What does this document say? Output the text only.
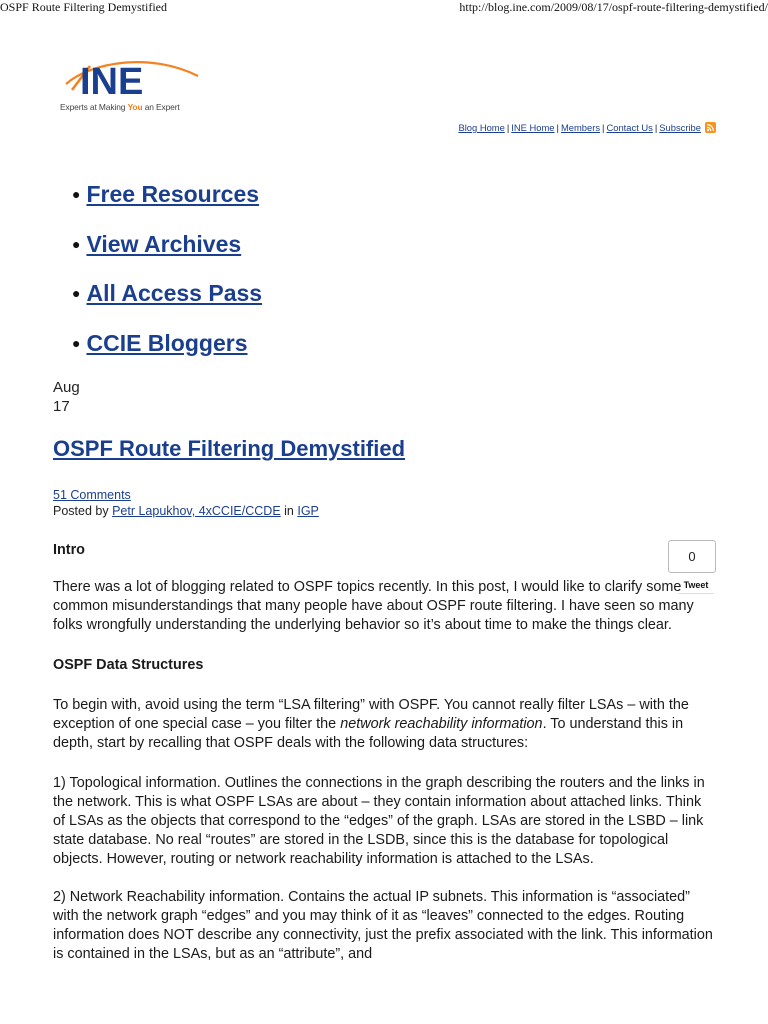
OSPF Route Filtering Demystified	http://blog.ine.com/2009/08/17/ospf-route-filtering-demystified/
INE
Experts at Making You an Expert
Blog Home | INE Home | Members | Contact Us | Subscribe
● Free Resources
● View Archives
● All Access Pass
● CCIE Bloggers
Aug
17
OSPF Route Filtering Demystified
51 Comments
Posted by Petr Lapukhov, 4xCCIE/CCDE in IGP
0
Tweet
Intro

There was a lot of blogging related to OSPF topics recently. In this post, I would like to clarify some common misunderstandings that many people have about OSPF route filtering. I have seen so many folks wrongfully understanding the underlying behavior so it’s about time to make the things clear.

OSPF Data Structures

To begin with, avoid using the term “LSA filtering” with OSPF. You cannot really filter LSAs – with the exception of one special case – you filter the network reachability information. To understand this in depth, start by recalling that OSPF deals with the following data structures:

1) Topological information. Outlines the connections in the graph describing the routers and the links in the network. This is what OSPF LSAs are about – they contain information about attached links. Think of LSAs as the objects that correspond to the “edges” of the graph. LSAs are stored in the LSBD – link state database. No real “routes” are stored in the LSDB, since this is the database for topological objects. However, routing or network reachability information is attached to the LSAs.

2) Network Reachability information. Contains the actual IP subnets. This information is “associated” with the network graph “edges” and you may think of it as “leaves” connected to the edges. Routing information does NOT describe any connectivity, just the prefix associated with the link. This information is contained in the LSAs, but as an “attribute”, and
